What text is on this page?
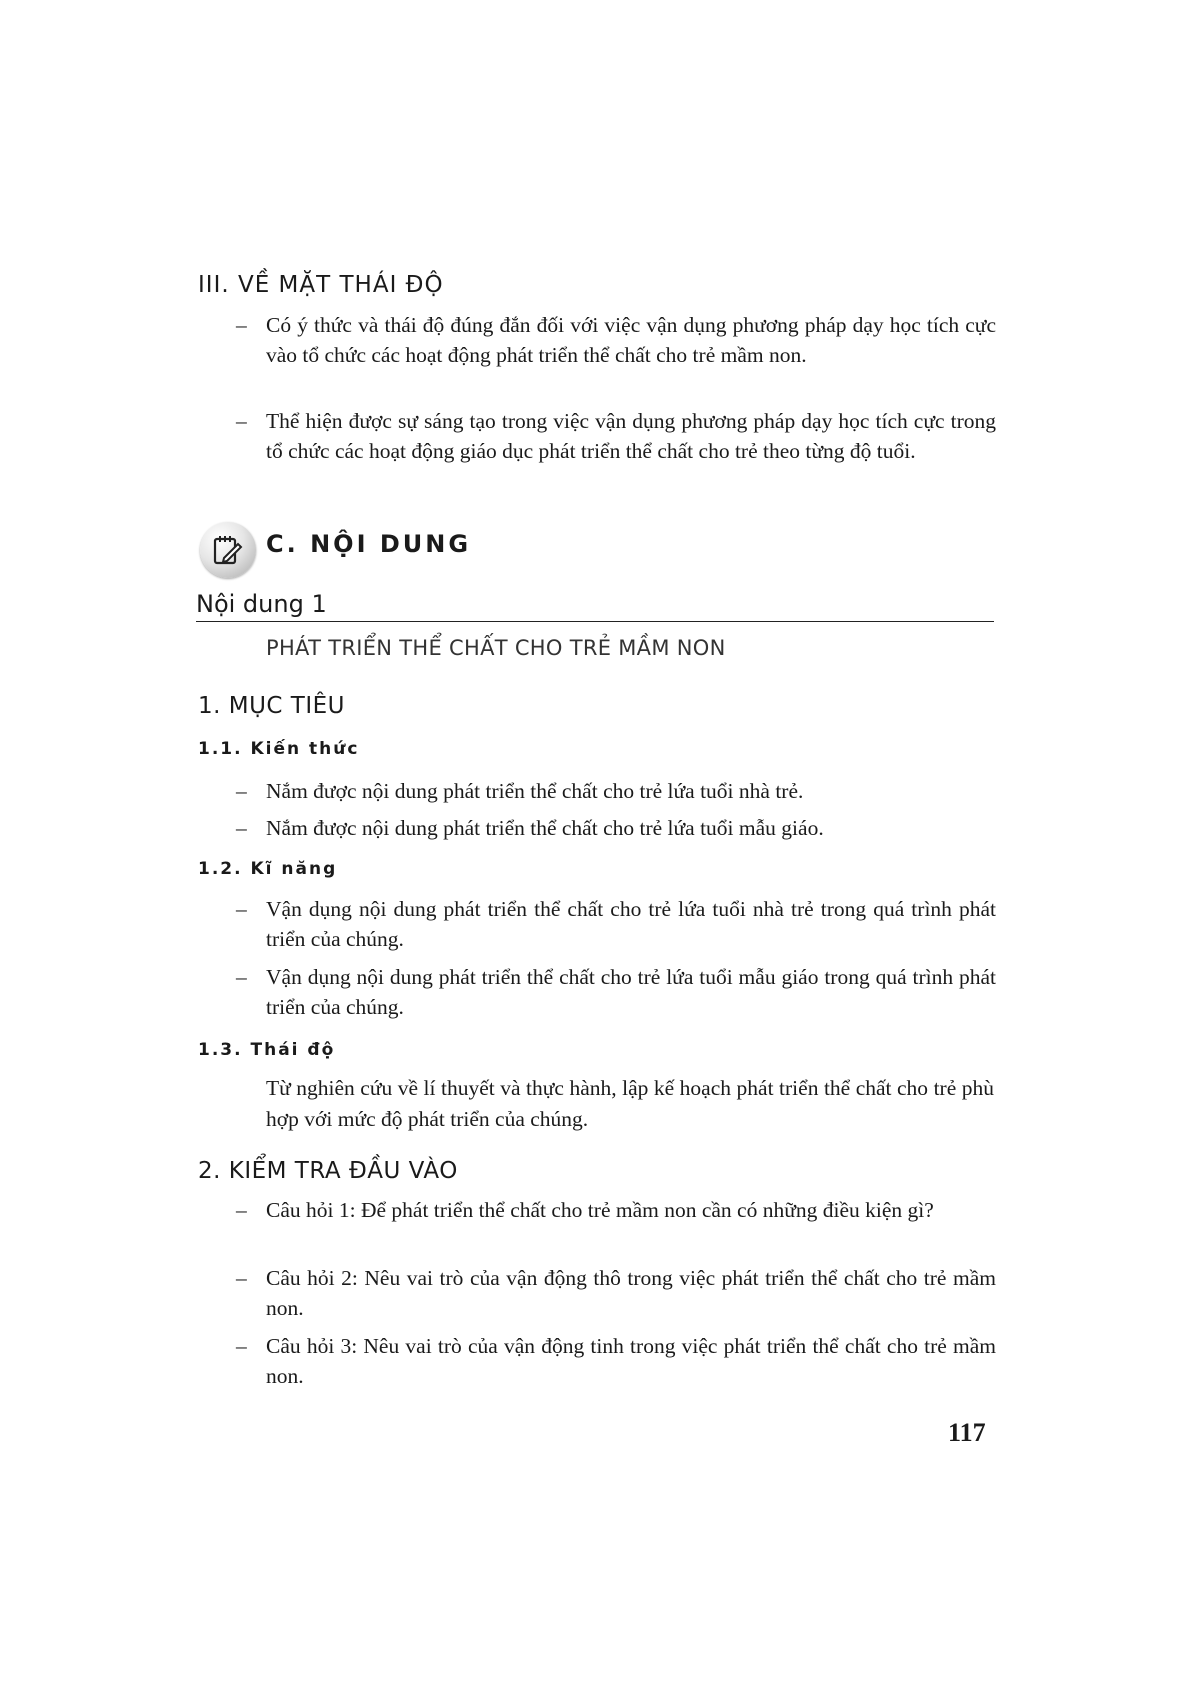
III. VỀ MẶT THÁI ĐỘ
– Có ý thức và thái độ đúng đắn đối với việc vận dụng phương pháp dạy học tích cực vào tổ chức các hoạt động phát triển thể chất cho trẻ mầm non.
– Thể hiện được sự sáng tạo trong việc vận dụng phương pháp dạy học tích cực trong tổ chức các hoạt động giáo dục phát triển thể chất cho trẻ theo từng độ tuổi.
C. NỘI DUNG
Nội dung 1
PHÁT TRIỂN THỂ CHẤT CHO TRẺ MẦM NON
1. MỤC TIÊU
1.1. Kiến thức
– Nắm được nội dung phát triển thể chất cho trẻ lứa tuổi nhà trẻ.
– Nắm được nội dung phát triển thể chất cho trẻ lứa tuổi mẫu giáo.
1.2. Kĩ năng
– Vận dụng nội dung phát triển thể chất cho trẻ lứa tuổi nhà trẻ trong quá trình phát triển của chúng.
– Vận dụng nội dung phát triển thể chất cho trẻ lứa tuổi mẫu giáo trong quá trình phát triển của chúng.
1.3. Thái độ
Từ nghiên cứu về lí thuyết và thực hành, lập kế hoạch phát triển thể chất cho trẻ phù hợp với mức độ phát triển của chúng.
2. KIỂM TRA ĐẦU VÀO
– Câu hỏi 1: Để phát triển thể chất cho trẻ mầm non cần có những điều kiện gì?
– Câu hỏi 2: Nêu vai trò của vận động thô trong việc phát triển thể chất cho trẻ mầm non.
– Câu hỏi 3: Nêu vai trò của vận động tinh trong việc phát triển thể chất cho trẻ mầm non.
117
